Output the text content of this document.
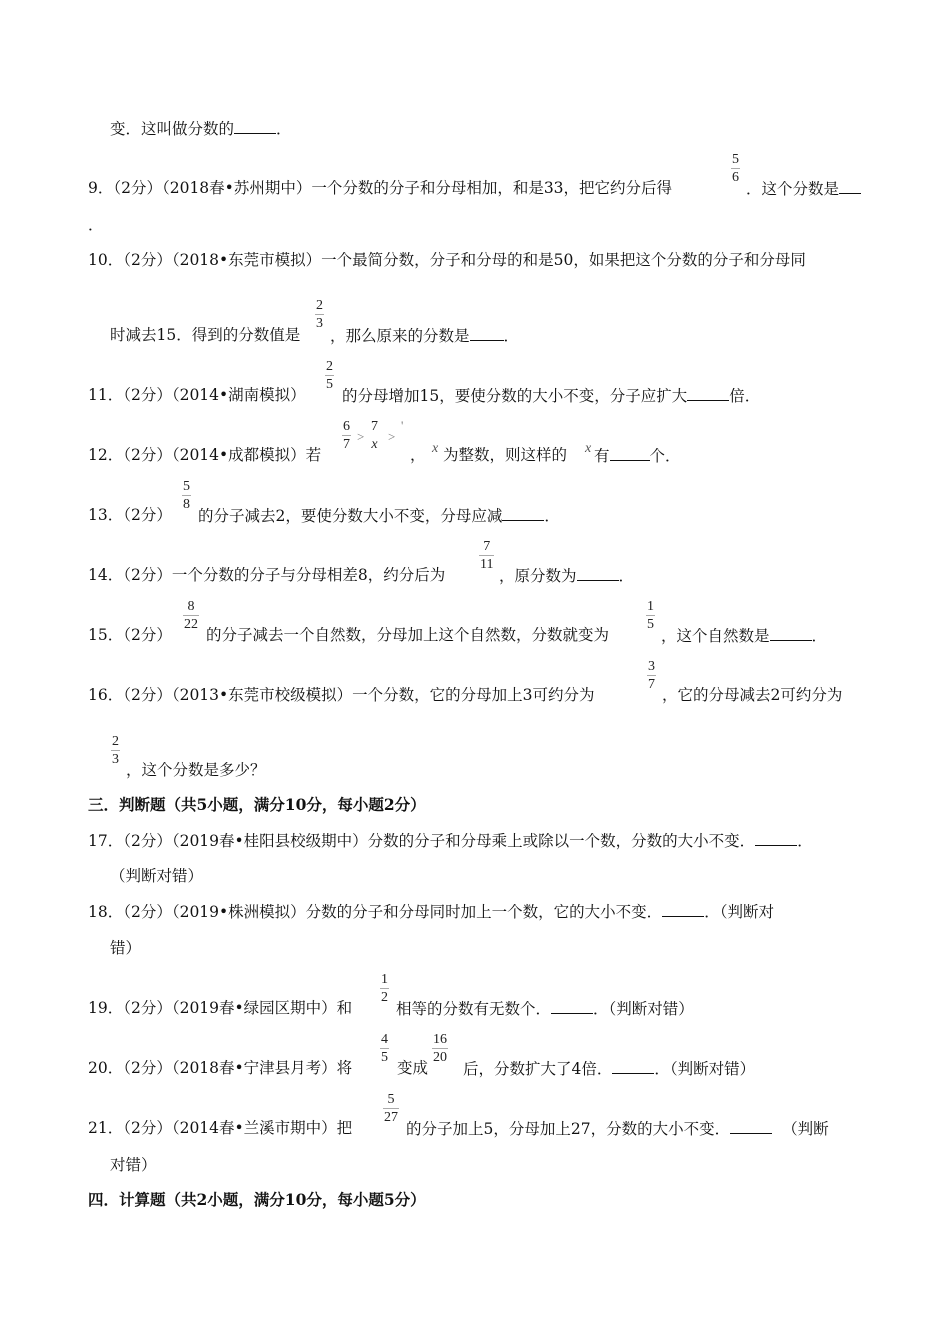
变．这叫做分数的	．
9．（2分）（2018春•苏州期中）一个分数的分子和分母相加，和是33，把它约分后得
5
6
．这个分数是
．
10．（2分）（2018•东莞市模拟）一个最简分数，分子和分母的和是50，如果把这个分数的分子和分母同
时减去15．得到的分数值是
2
3
，那么原来的分数是 ．
11．（2分）（2014•湖南模拟）
2
5
的分母增加15，要使分数的大小不变，分子应扩大	倍．
12．（2分）（2014•成都模拟）若
6
7
>
7
x
>
'
， x 为整数，则这样的 x 有	个．
13．（2分）
5
8
的分子减去2，要使分数大小不变，分母应减	．
14．（2分）一个分数的分子与分母相差8，约分后为
7
11
，原分数为	．
15．（2分）
8
22
的分子减去一个自然数，分母加上这个自然数，分数就变为
1
5
，这个自然数是	．
16．（2分）（2013•东莞市校级模拟）一个分数，它的分母加上3可约分为
3
7
，它的分母减去2可约分为
2
3
，这个分数是多少？
三．判断题（共5小题，满分10分，每小题2分）
17．（2分）（2019春•桂阳县校级期中）分数的分子和分母乘上或除以一个数，分数的大小不变．	．
（判断对错）
18．（2分）（2019•株洲模拟）分数的分子和分母同时加上一个数，它的大小不变．	．（判断对
错）
19．（2分）（2019春•绿园区期中）和
1
2
相等的分数有无数个．	．（判断对错）
20．（2分）（2018春•宁津县月考）将
4
5
变成
16
20
后，分数扩大了4倍．	．（判断对错）
21．（2分）（2014春•兰溪市期中）把
5
27
的分子加上5，分母加上27，分数的大小不变．	（判断
对错）
四．计算题（共2小题，满分10分，每小题5分）
